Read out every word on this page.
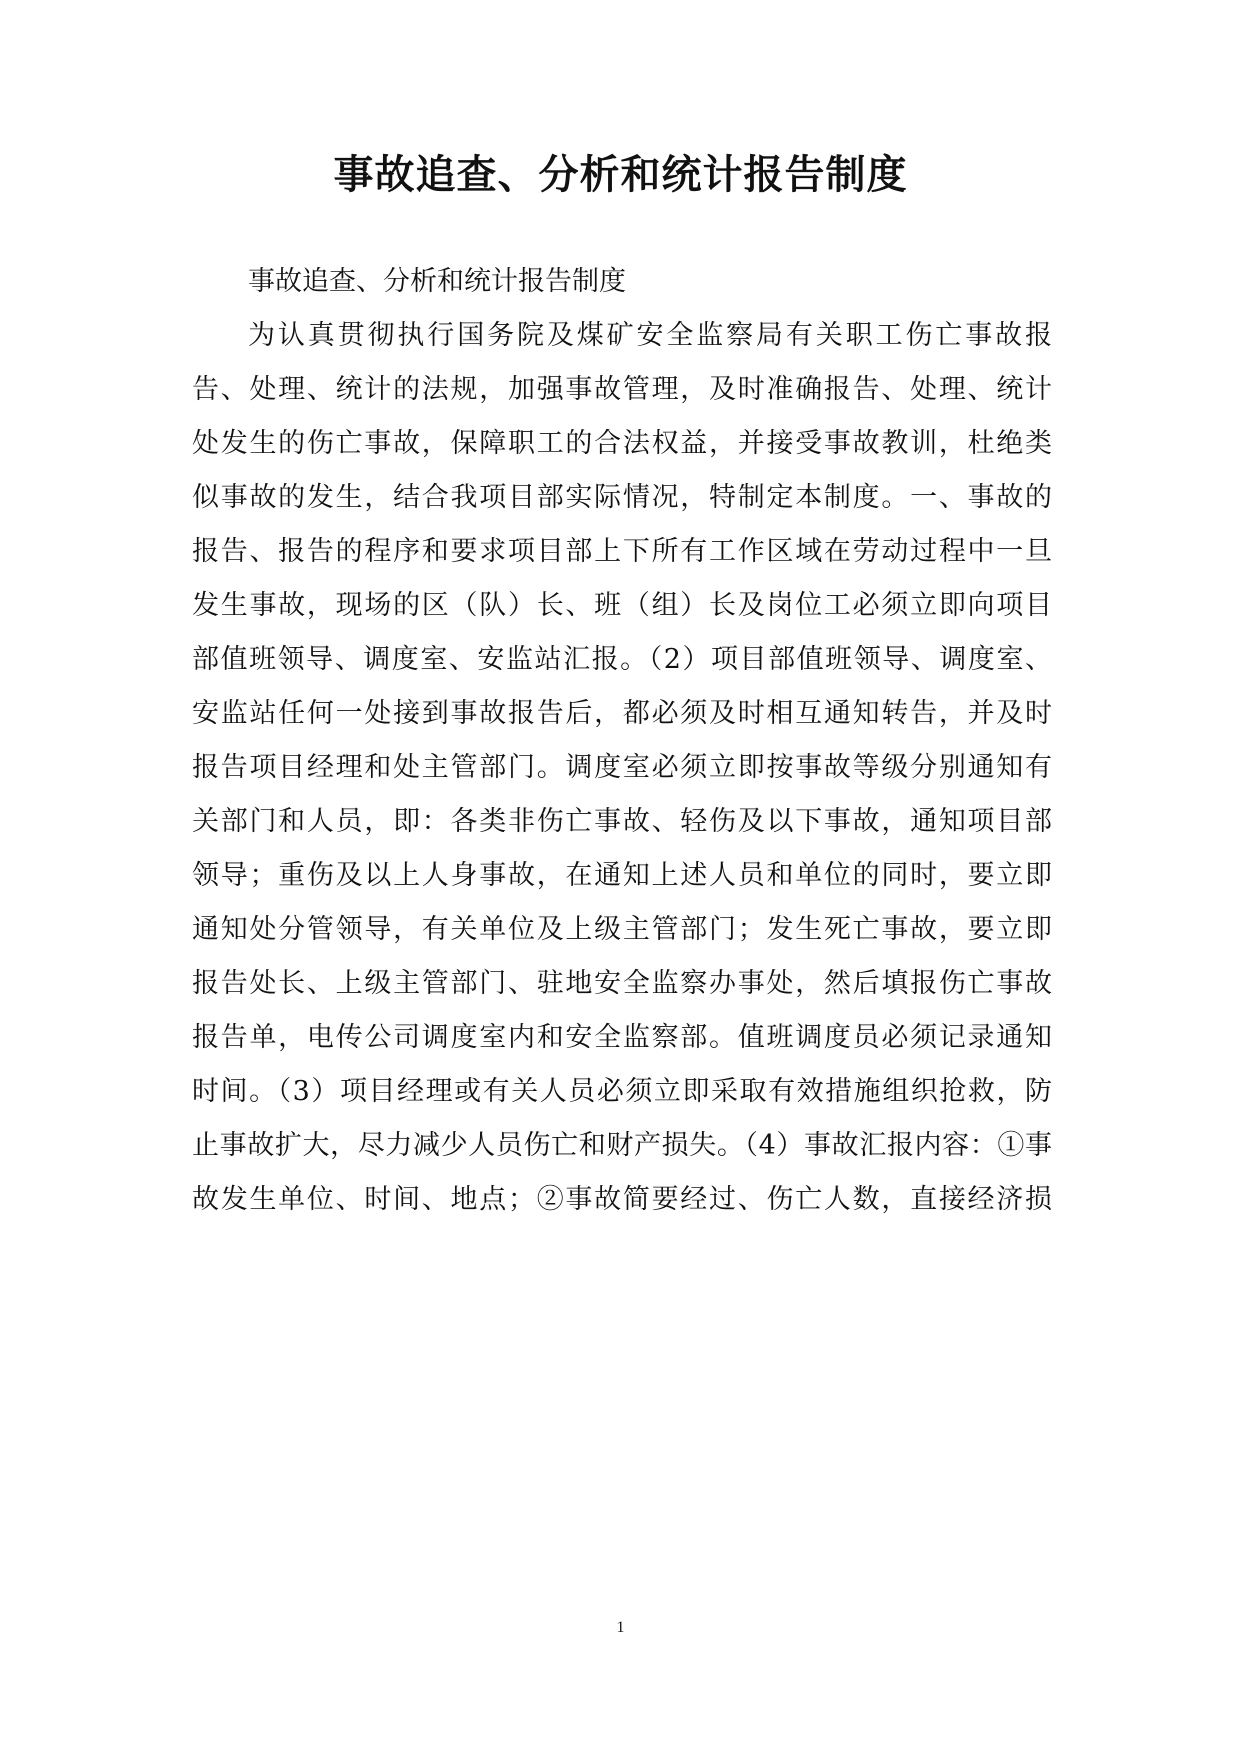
事故追查、分析和统计报告制度

事故追查、分析和统计报告制度

为认真贯彻执行国务院及煤矿安全监察局有关职工伤亡事故报

告、处理、统计的法规，加强事故管理，及时准确报告、处理、统计

处发生的伤亡事故，保障职工的合法权益，并接受事故教训，杜绝类

似事故的发生，结合我项目部实际情况，特制定本制度。一、事故的

报告、报告的程序和要求项目部上下所有工作区域在劳动过程中一旦

发生事故，现场的区（队）长、班（组）长及岗位工必须立即向项目

部值班领导、调度室、安监站汇报。（2）项目部值班领导、调度室、

安监站任何一处接到事故报告后，都必须及时相互通知转告，并及时

报告项目经理和处主管部门。调度室必须立即按事故等级分别通知有

关部门和人员，即：各类非伤亡事故、轻伤及以下事故，通知项目部

领导；重伤及以上人身事故，在通知上述人员和单位的同时，要立即

通知处分管领导，有关单位及上级主管部门；发生死亡事故，要立即

报告处长、上级主管部门、驻地安全监察办事处，然后填报伤亡事故

报告单，电传公司调度室内和安全监察部。值班调度员必须记录通知

时间。（3）项目经理或有关人员必须立即采取有效措施组织抢救，防

止事故扩大，尽力减少人员伤亡和财产损失。（4）事故汇报内容：①事

故发生单位、时间、地点；②事故简要经过、伤亡人数，直接经济损

1
